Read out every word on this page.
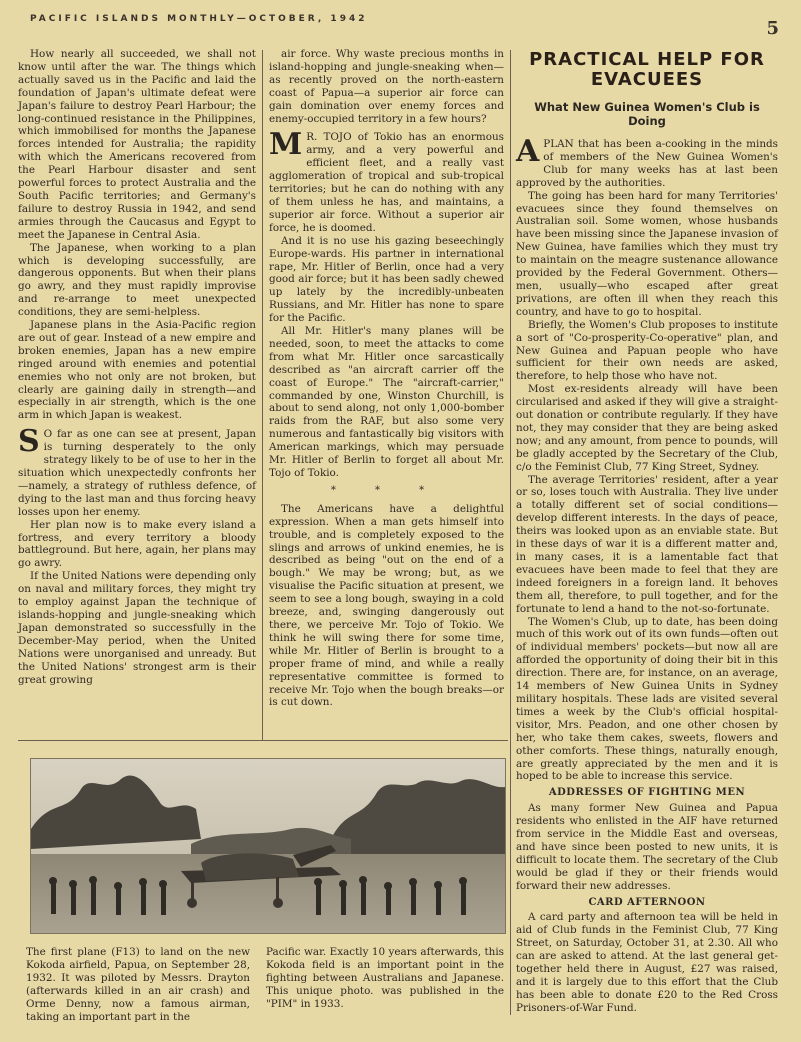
PACIFIC ISLANDS MONTHLY—OCTOBER, 1942	5

How nearly all succeeded, we shall not know until after the war. The things which actually saved us in the Pacific and laid the foundation of Japan's ultimate defeat were Japan's failure to destroy Pearl Harbour; the long-continued resistance in the Philippines, which immobilised for months the Japanese forces intended for Australia; the rapidity with which the Americans recovered from the Pearl Harbour disaster and sent powerful forces to protect Australia and the South Pacific territories; and Germany's failure to destroy Russia in 1942, and send armies through the Caucasus and Egypt to meet the Japanese in Central Asia.

The Japanese, when working to a plan which is developing successfully, are dangerous opponents. But when their plans go awry, and they must rapidly improvise and re-arrange to meet unexpected conditions, they are semi-helpless.

Japanese plans in the Asia-Pacific region are out of gear. Instead of a new empire and broken enemies, Japan has a new empire ringed around with enemies and potential enemies who not only are not broken, but clearly are gaining daily in strength—and especially in air strength, which is the one arm in which Japan is weakest.

S O far as one can see at present, Japan is turning desperately to the only strategy likely to be of use to her in the situation which unexpectedly confronts her—namely, a strategy of ruthless defence, of dying to the last man and thus forcing heavy losses upon her enemy.

Her plan now is to make every island a fortress, and every territory a bloody battleground. But here, again, her plans may go awry.

If the United Nations were depending only on naval and military forces, they might try to employ against Japan the technique of islands-hopping and jungle-sneaking which Japan demonstrated so successfully in the December-May period, when the United Nations were unorganised and unready. But the United Nations' strongest arm is their great growing

air force. Why waste precious months in island-hopping and jungle-sneaking when—as recently proved on the north-eastern coast of Papua—a superior air force can gain domination over enemy forces and enemy-occupied territory in a few hours?

M R. TOJO of Tokio has an enormous army, and a very powerful and efficient fleet, and a really vast agglomeration of tropical and sub-tropical territories; but he can do nothing with any of them unless he has, and maintains, a superior air force. Without a superior air force, he is doomed.

And it is no use his gazing beseechingly Europe-wards. His partner in international rape, Mr. Hitler of Berlin, once had a very good air force; but it has been sadly chewed up lately by the incredibly-unbeaten Russians, and Mr. Hitler has none to spare for the Pacific.

All Mr. Hitler's many planes will be needed, soon, to meet the attacks to come from what Mr. Hitler once sarcastically described as "an aircraft carrier off the coast of Europe." The "aircraft-carrier," commanded by one, Winston Churchill, is about to send along, not only 1,000-bomber raids from the RAF, but also some very numerous and fantastically big visitors with American markings, which may persuade Mr. Hitler of Berlin to forget all about Mr. Tojo of Tokio.

* * *

The Americans have a delightful expression. When a man gets himself into trouble, and is completely exposed to the slings and arrows of unkind enemies, he is described as being "out on the end of a bough." We may be wrong; but, as we visualise the Pacific situation at present, we seem to see a long bough, swaying in a cold breeze, and, swinging dangerously out there, we perceive Mr. Tojo of Tokio. We think he will swing there for some time, while Mr. Hitler of Berlin is brought to a proper frame of mind, and while a really representative committee is formed to receive Mr. Tojo when the bough breaks—or is cut down.

PRACTICAL HELP FOR EVACUEES
What New Guinea Women's Club is Doing

APLAN that has been a-cooking in the minds of members of the New Guinea Women's Club for many weeks has at last been approved by the authorities.

The going has been hard for many Territories' evacuees since they found themselves on Australian soil. Some women, whose husbands have been missing since the Japanese invasion of New Guinea, have families which they must try to maintain on the meagre sustenance allowance provided by the Federal Government. Others—men, usually—who escaped after great privations, are often ill when they reach this country, and have to go to hospital.

Briefly, the Women's Club proposes to institute a sort of "Co-prosperity-Co-operative" plan, and New Guinea and Papuan people who have sufficient for their own needs are asked, therefore, to help those who have not.

Most ex-residents already will have been circularised and asked if they will give a straight-out donation or contribute regularly. If they have not, they may consider that they are being asked now; and any amount, from pence to pounds, will be gladly accepted by the Secretary of the Club, c/o the Feminist Club, 77 King Street, Sydney.

The average Territories' resident, after a year or so, loses touch with Australia. They live under a totally different set of social conditions—develop different interests. In the days of peace, theirs was looked upon as an enviable state. But in these days of war it is a different matter and, in many cases, it is a lamentable fact that evacuees have been made to feel that they are indeed foreigners in a foreign land. It behoves them all, therefore, to pull together, and for the fortunate to lend a hand to the not-so-fortunate.

The Women's Club, up to date, has been doing much of this work out of its own funds—often out of individual members' pockets—but now all are afforded the opportunity of doing their bit in this direction. There are, for instance, on an average, 14 members of New Guinea Units in Sydney military hospitals. These lads are visited several times a week by the Club's official hospital-visitor, Mrs. Peadon, and one other chosen by her, who take them cakes, sweets, flowers and other comforts. These things, naturally enough, are greatly appreciated by the men and it is hoped to be able to increase this service.

ADDRESSES OF FIGHTING MEN

As many former New Guinea and Papua residents who enlisted in the AIF have returned from service in the Middle East and overseas, and have since been posted to new units, it is difficult to locate them. The secretary of the Club would be glad if they or their friends would forward their new addresses.

CARD AFTERNOON

A card party and afternoon tea will be held in aid of Club funds in the Feminist Club, 77 King Street, on Saturday, October 31, at 2.30. All who can are asked to attend. At the last general get-together held there in August, £27 was raised, and it is largely due to this effort that the Club has been able to donate £20 to the Red Cross Prisoners-of-War Fund.

The first plane (F13) to land on the new Kokoda airfield, Papua, on September 28, 1932. It was piloted by Messrs. Drayton (afterwards killed in an air crash) and Orme Denny, now a famous airman, taking an important part in the
Pacific war. Exactly 10 years afterwards, this Kokoda field is an important point in the fighting between Australians and Japanese. This unique photo. was published in the "PIM" in 1933.
